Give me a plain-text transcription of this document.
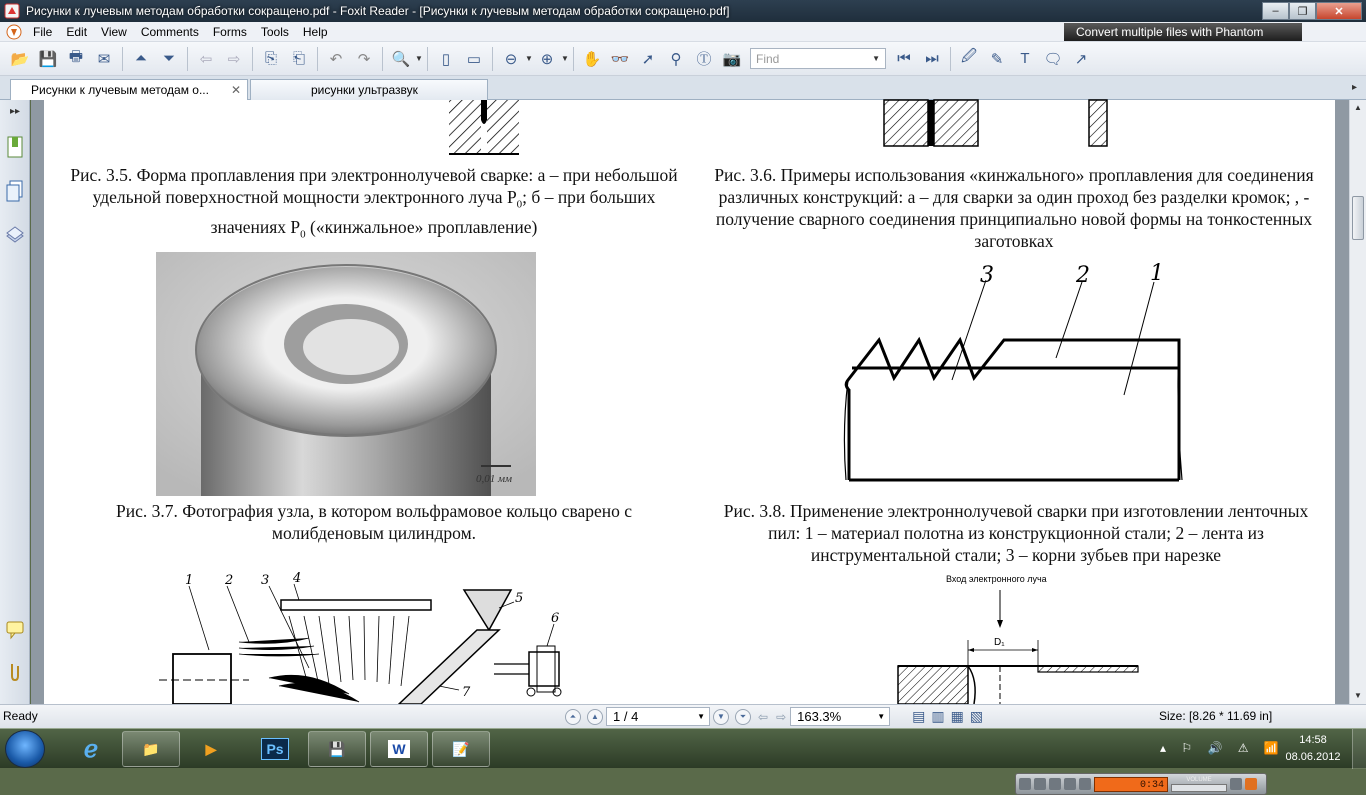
Рисунки к лучевым методам обработки сокращено.pdf - Foxit Reader - [Рисунки к лучевым методам обработки сокращено.pdf]	–	❐	✕
File	Edit	View	Comments	Forms	Tools	Help	Convert multiple files with Phantom
📂 💾 🖶 ✉	⏶	⏷	⇦	⇨	⎘	⎗	↶	↷	🔍 ▼	▯	▭	⊖ ▼ ⊕ ▼ ✋ 👓 ➚	⚲ Ⓣ 📷 Find	▼	⏮ ⏭	🖉 ✎	T 🗨 ↗
Рисунки к лучевым методам о... ✕	рисунки ультразвук	▸
▸▸
Рис. 3.5. Форма проплавления при электроннолучевой сварке: а – при небольшой удельной поверхностной мощности электронного луча $Р_0$; б – при больших значениях $Р_0$ («кинжальное» проплавление)
Рис. 3.6. Примеры использования «кинжального» проплавления для соединения различных конструкций: а – для сварки за один проход без разделки кромок; , - получение сварного соединения принципиально новой формы на тонкостенных заготовках
0,01 мм
3	2	1
Рис. 3.7. Фотография узла, в котором вольфрамовое кольцо сварено с молибденовым цилиндром.
Рис. 3.8. Применение электроннолучевой сварки при изготовлении ленточных пил: 1 – материал полотна из конструкционной стали; 2 – лента из инструментальной стали; 3 – корни зубьев при нарезке
1 2 3 4
5
6
7
Вход электронного луча
D₁
0:34	VOLUME
▲
▼
Ready	⏶	▲	1 / 4	▼	▼	⏷ ⇦ ⇨ 163.3%	▼ ▤ ▥ ▦ ▧	Size: [8.26 * 11.69 in]
ℯ	📁	▶	Ps	💾	W	📝	▴ ⚐ 🔊 ⚠ 📶
14:58
08.06.2012
